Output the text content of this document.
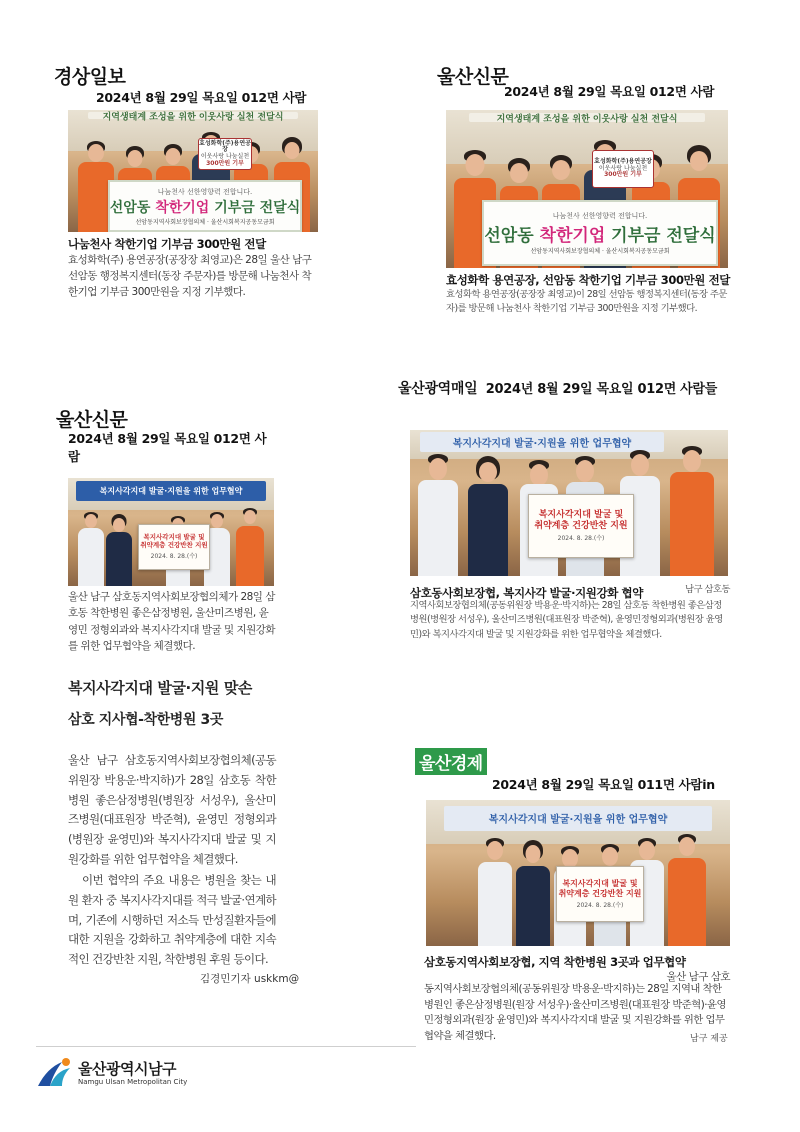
경상일보
2024년 8월 29일 목요일 012면 사람
지역생태계 조성을 위한 이웃사랑 실천 전달식
효성화학(주)용연공장
이웃사랑 나눔실천
300만원 기부
나눔천사 선한영향력 전합니다.
선암동 착한기업 기부금 전달식
선암동지역사회보장협의체 · 울산시회복지공동모금회
나눔천사 착한기업 기부금 300만원 전달
효성화학(주) 용연공장(공장장 최영교)은 28일 울산 남구 선암동 행정복지센터(동장 주문자)를 방문해 나눔천사 착한기업 기부금 300만원을 지정 기부했다.
울산신문
2024년 8월 29일 목요일 012면 사람
지역생태계 조성을 위한 이웃사랑 실천 전달식
효성화학(주)용연공장
이웃사랑 나눔실천
300만원 기부
나눔천사 선한영향력 전합니다.
선암동 착한기업 기부금 전달식
선암동지역사회보장협의체 · 울산시회복지공동모금회
효성화학 용연공장, 선암동 착한기업 기부금 300만원 전달
효성화학 용연공장(공장장 최영교)이 28일 선암동 행정복지센터(동장 주문자)를 방문해 나눔천사 착한기업 기부금 300만원을 지정 기부했다.
울산신문
2024년 8월 29일 목요일 012면 사
람
복지사각지대 발굴·지원을 위한 업무협약
복지사각지대 발굴 및
취약계층 건강반찬 지원
2024. 8. 28.(수)
울산 남구 삼호동지역사회보장협의체가 28일 삼호동 착한병원 좋은삼정병원, 울산미즈병원, 윤영민 정형외과와 복지사각지대 발굴 및 지원강화를 위한 업무협약을 체결했다.
울산광역매일 2024년 8월 29일 목요일 012면 사람들
복지사각지대 발굴·지원을 위한 업무협약
복지사각지대 발굴 및
취약계층 건강반찬 지원
2024. 8. 28.(수)
삼호동사회보장협, 복지사각 발굴·지원강화 협약	남구 삼호동
지역사회보장협의체(공동위원장 박용운·박지하)는 28일 삼호동 착한병원 좋은삼정병원(병원장 서성우), 울산미즈병원(대표원장 박준혁), 윤영민정형외과(병원장 윤영민)와 복지사각지대 발굴 및 지원강화를 위한 업무협약을 체결했다.
복지사각지대 발굴·지원 맞손
삼호 지사협-착한병원 3곳
울산 남구 삼호동지역사회보장협의체(공동위원장 박용운·박지하)가 28일 삼호동 착한병원 좋은삼정병원(병원장 서성우), 울산미즈병원(대표원장 박준혁), 윤영민 정형외과(병원장 윤영민)와 복지사각지대 발굴 및 지원강화를 위한 업무협약을 체결했다.
이번 협약의 주요 내용은 병원을 찾는 내원 환자 중 복지사각지대를 적극 발굴·연계하며, 기존에 시행하던 저소득 만성질환자들에 대한 지원을 강화하고 취약계층에 대한 지속적인 건강반찬 지원, 착한병원 후원 등이다.
김경민기자 uskkm@
울산경제
2024년 8월 29일 목요일 011면 사람in
복지사각지대 발굴·지원을 위한 업무협약
복지사각지대 발굴 및
취약계층 건강반찬 지원
2024. 8. 28.(수)
삼호동지역사회보장협, 지역 착한병원 3곳과 업무협약
울산 남구 삼호
동지역사회보장협의체(공동위원장 박용운·박지하)는 28일 지역내 착한병원인 좋은삼정병원(원장 서성우)·울산미즈병원(대표원장 박준혁)·윤영민정형외과(원장 윤영민)와 복지사각지대 발굴 및 지원강화를 위한 업무협약을 체결했다.	남구 제공
울산광역시남구
Namgu Ulsan Metropolitan City
